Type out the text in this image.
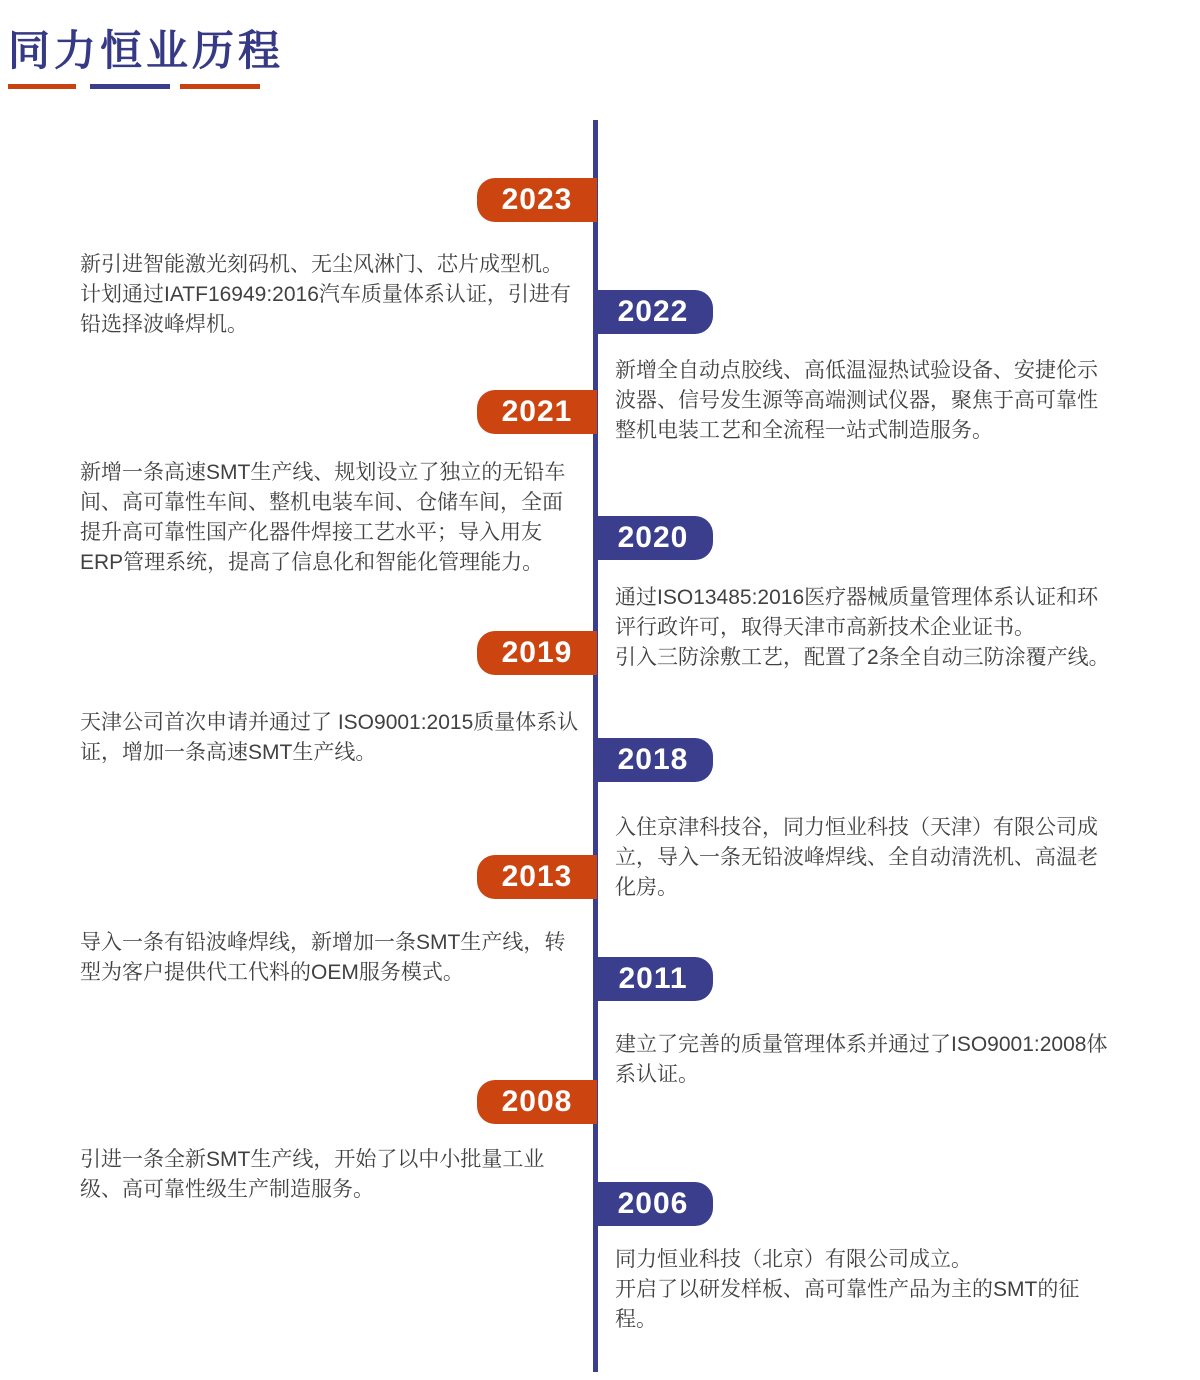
同力恒业历程
2023

新引进智能激光刻码机、无尘风淋门、芯片成型机。计划通过IATF16949:2016汽车质量体系认证，引进有铅选择波峰焊机。	2022

新增全自动点胶线、高低温湿热试验设备、安捷伦示波器、信号发生源等高端测试仪器，聚焦于高可靠性整机电装工艺和全流程一站式制造服务。

2021

新增一条高速SMT生产线、规划设立了独立的无铅车间、高可靠性车间、整机电装车间、仓储车间，全面提升高可靠性国产化器件焊接工艺水平；导入用友ERP管理系统，提高了信息化和智能化管理能力。

2020

通过ISO13485:2016医疗器械质量管理体系认证和环评行政许可，取得天津市高新技术企业证书。

引入三防涂敷工艺，配置了2条全自动三防涂覆产线。

2019

天津公司首次申请并通过了 ISO9001:2015质量体系认证，增加一条高速SMT生产线。	2018

入住京津科技谷，同力恒业科技（天津）有限公司成立，导入一条无铅波峰焊线、全自动清洗机、高温老化房。

2013

导入一条有铅波峰焊线，新增加一条SMT生产线，转型为客户提供代工代料的OEM服务模式。	2011

建立了完善的质量管理体系并通过了ISO9001:2008体系认证。

2008

引进一条全新SMT生产线，开始了以中小批量工业级、高可靠性级生产制造服务。	2006

同力恒业科技（北京）有限公司成立。

开启了以研发样板、高可靠性产品为主的SMT的征程。
